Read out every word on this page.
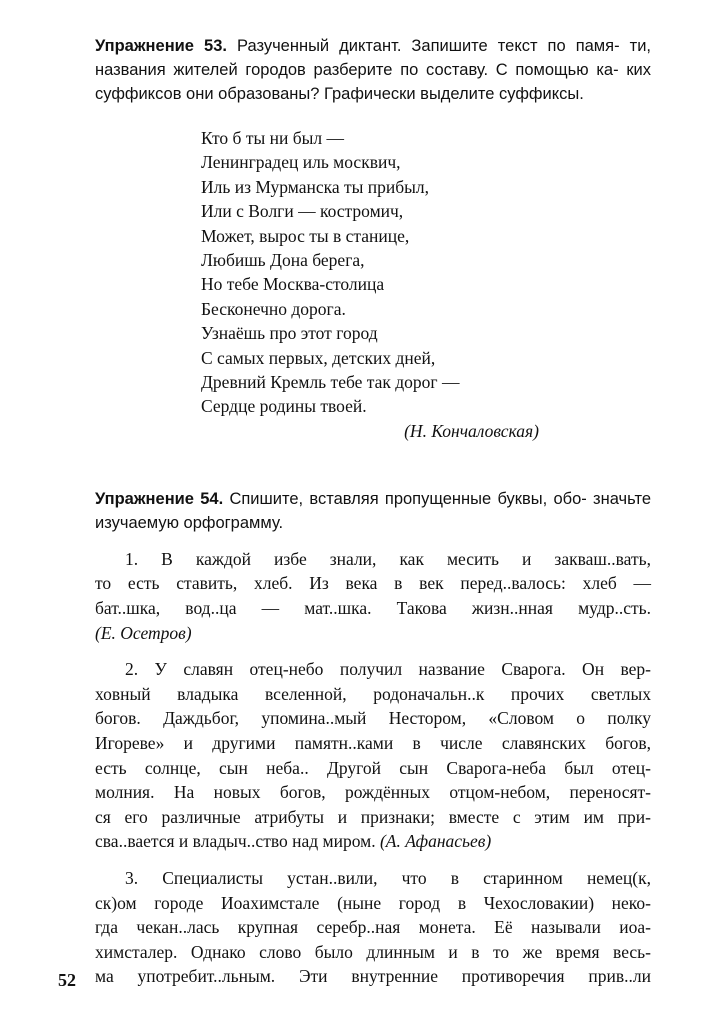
Упражнение 53. Разученный диктант. Запишите текст по памя- ти, названия жителей городов разберите по составу. С помощью ка- ких суффиксов они образованы? Графически выделите суффиксы.

Кто б ты ни был —
Ленинградец иль москвич,
Иль из Мурманска ты прибыл,
Или с Волги — костромич,
Может, вырос ты в станице,
Любишь Дона берега,
Но тебе Москва-столица
Бесконечно дорога.
Узнаёшь про этот город
С самых первых, детских дней,
Древний Кремль тебе так дорог —
Сердце родины твоей.

(Н. Кончаловская)

Упражнение 54. Спишите, вставляя пропущенные буквы, обо- значьте изучаемую орфограмму.

1. В каждой избе знали, как месить и закваш..вать,
то есть ставить, хлеб. Из века в век перед..валось: хлеб —
бат..шка, вод..ца — мат..шка. Такова жизн..нная мудр..сть.
(Е. Осетров)
2. У славян отец-небо получил название Сварога. Он вер-
ховный владыка вселенной, родоначальн..к прочих светлых
богов. Даждьбог, упомина..мый Нестором, «Словом о полку
Игореве» и другими памятн..ками в числе славянских богов,
есть солнце, сын неба.. Другой сын Сварога-неба был отец-
молния. На новых богов, рождённых отцом-небом, переносят-
ся его различные атрибуты и признаки; вместе с этим им при-
сва..вается и владыч..ство над миром. (А. Афанасьев)
3. Специалисты устан..вили, что в старинном немец(к,
ск)ом городе Иоахимстале (ныне город в Чехословакии) неко-
гда чекан..лась крупная серебр..ная монета. Её называли иоа-
химсталер. Однако слово было длинным и в то же время весь-
ма употребит..льным. Эти внутренние противоречия прив..ли
52
